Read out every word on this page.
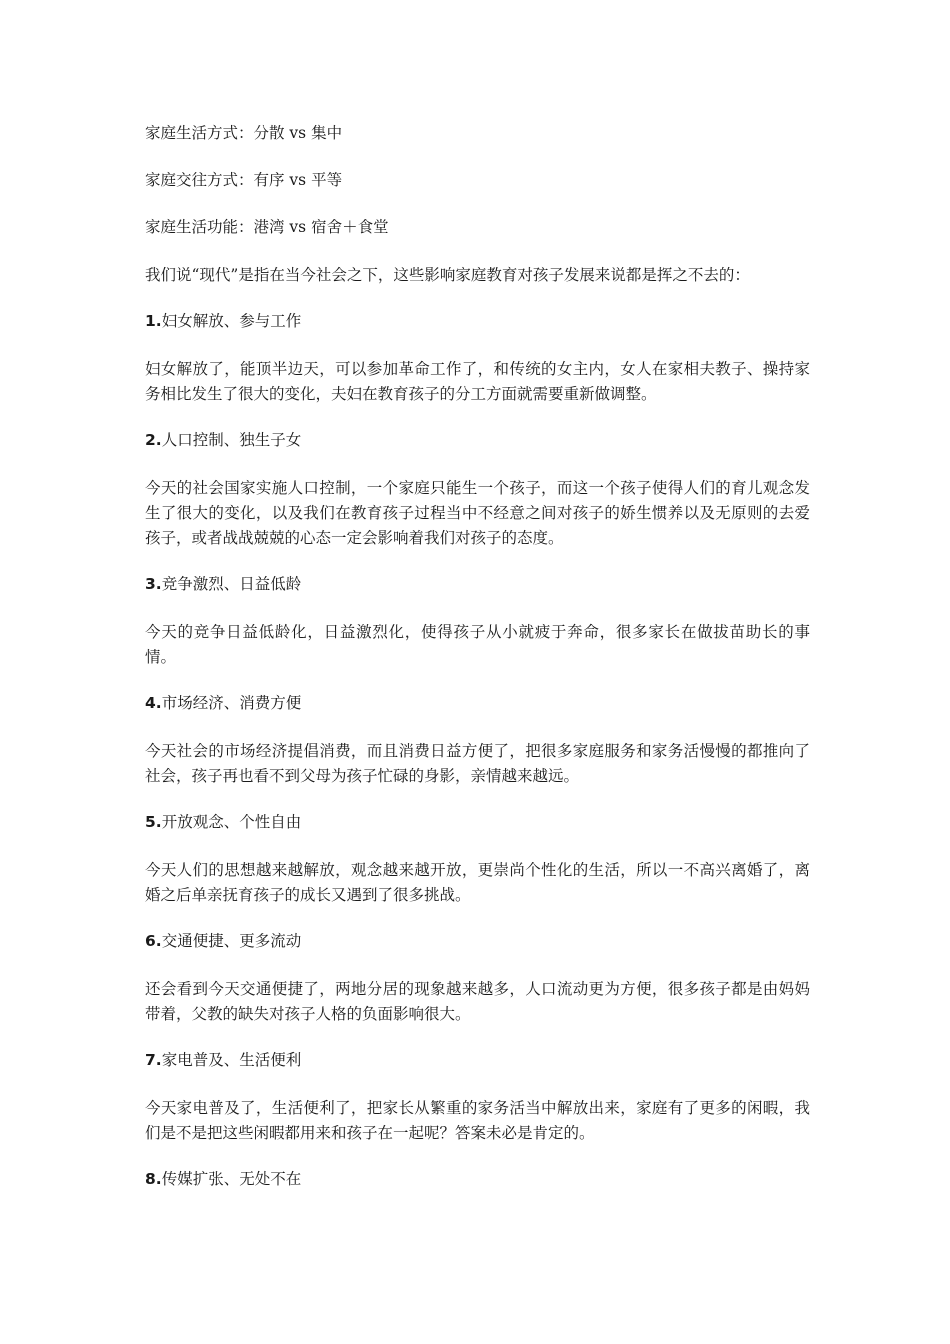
家庭生活方式：分散 vs 集中

家庭交往方式：有序 vs 平等

家庭生活功能：港湾 vs 宿舍＋食堂

我们说“现代”是指在当今社会之下，这些影响家庭教育对孩子发展来说都是挥之不去的：

1.妇女解放、参与工作

妇女解放了，能顶半边天，可以参加革命工作了，和传统的女主内，女人在家相夫教子、操持家务相比发生了很大的变化，夫妇在教育孩子的分工方面就需要重新做调整。

2.人口控制、独生子女

今天的社会国家实施人口控制，一个家庭只能生一个孩子，而这一个孩子使得人们的育儿观念发生了很大的变化，以及我们在教育孩子过程当中不经意之间对孩子的娇生惯养以及无原则的去爱孩子，或者战战兢兢的心态一定会影响着我们对孩子的态度。

3.竞争激烈、日益低龄

今天的竞争日益低龄化，日益激烈化，使得孩子从小就疲于奔命，很多家长在做拔苗助长的事情。

4.市场经济、消费方便

今天社会的市场经济提倡消费，而且消费日益方便了，把很多家庭服务和家务活慢慢的都推向了社会，孩子再也看不到父母为孩子忙碌的身影，亲情越来越远。

5.开放观念、个性自由

今天人们的思想越来越解放，观念越来越开放，更崇尚个性化的生活，所以一不高兴离婚了，离婚之后单亲抚育孩子的成长又遇到了很多挑战。

6.交通便捷、更多流动

还会看到今天交通便捷了，两地分居的现象越来越多，人口流动更为方便，很多孩子都是由妈妈带着，父教的缺失对孩子人格的负面影响很大。

7.家电普及、生活便利

今天家电普及了，生活便利了，把家长从繁重的家务活当中解放出来，家庭有了更多的闲暇，我们是不是把这些闲暇都用来和孩子在一起呢？答案未必是肯定的。

8.传媒扩张、无处不在
